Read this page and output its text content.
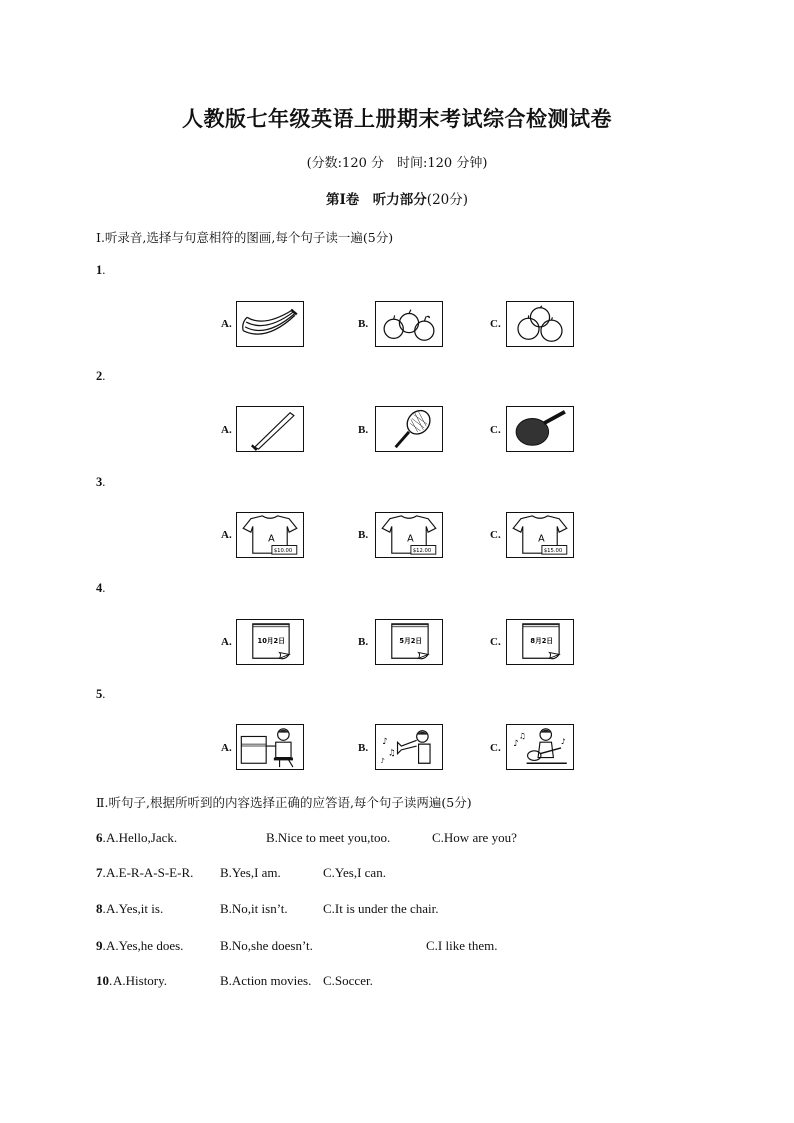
人教版七年级英语上册期末考试综合检测试卷
(分数:120 分　时间:120 分钟)
第Ⅰ卷　听力部分(20分)
Ⅰ.听录音,选择与句意相符的图画,每个句子读一遍(5分)
1.
A.	B.	C.
2.
A.	B.	C.
3.
A.	A
$10.00
B.	A
$12.00
C.	A
$15.00
4.
A.	10月2日	B.	5月2日	C.	8月2日
5.
A.	B. ♪
♫
♪
C. ♪
♫
♪
Ⅱ.听句子,根据所听到的内容选择正确的应答语,每个句子读两遍(5分)
6. A.Hello,Jack.	B.Nice to meet you,too.	C.How are you?
7. A.E-R-A-S-E-R. B.Yes,I am.	C.Yes,I can.
8. A.Yes,it is.	B.No,it isn’t.	C.It is under the chair.
9. A.Yes,he does.	B.No,she doesn’t.	C.I like them.
10. A.History.	B.Action movies. C.Soccer.
